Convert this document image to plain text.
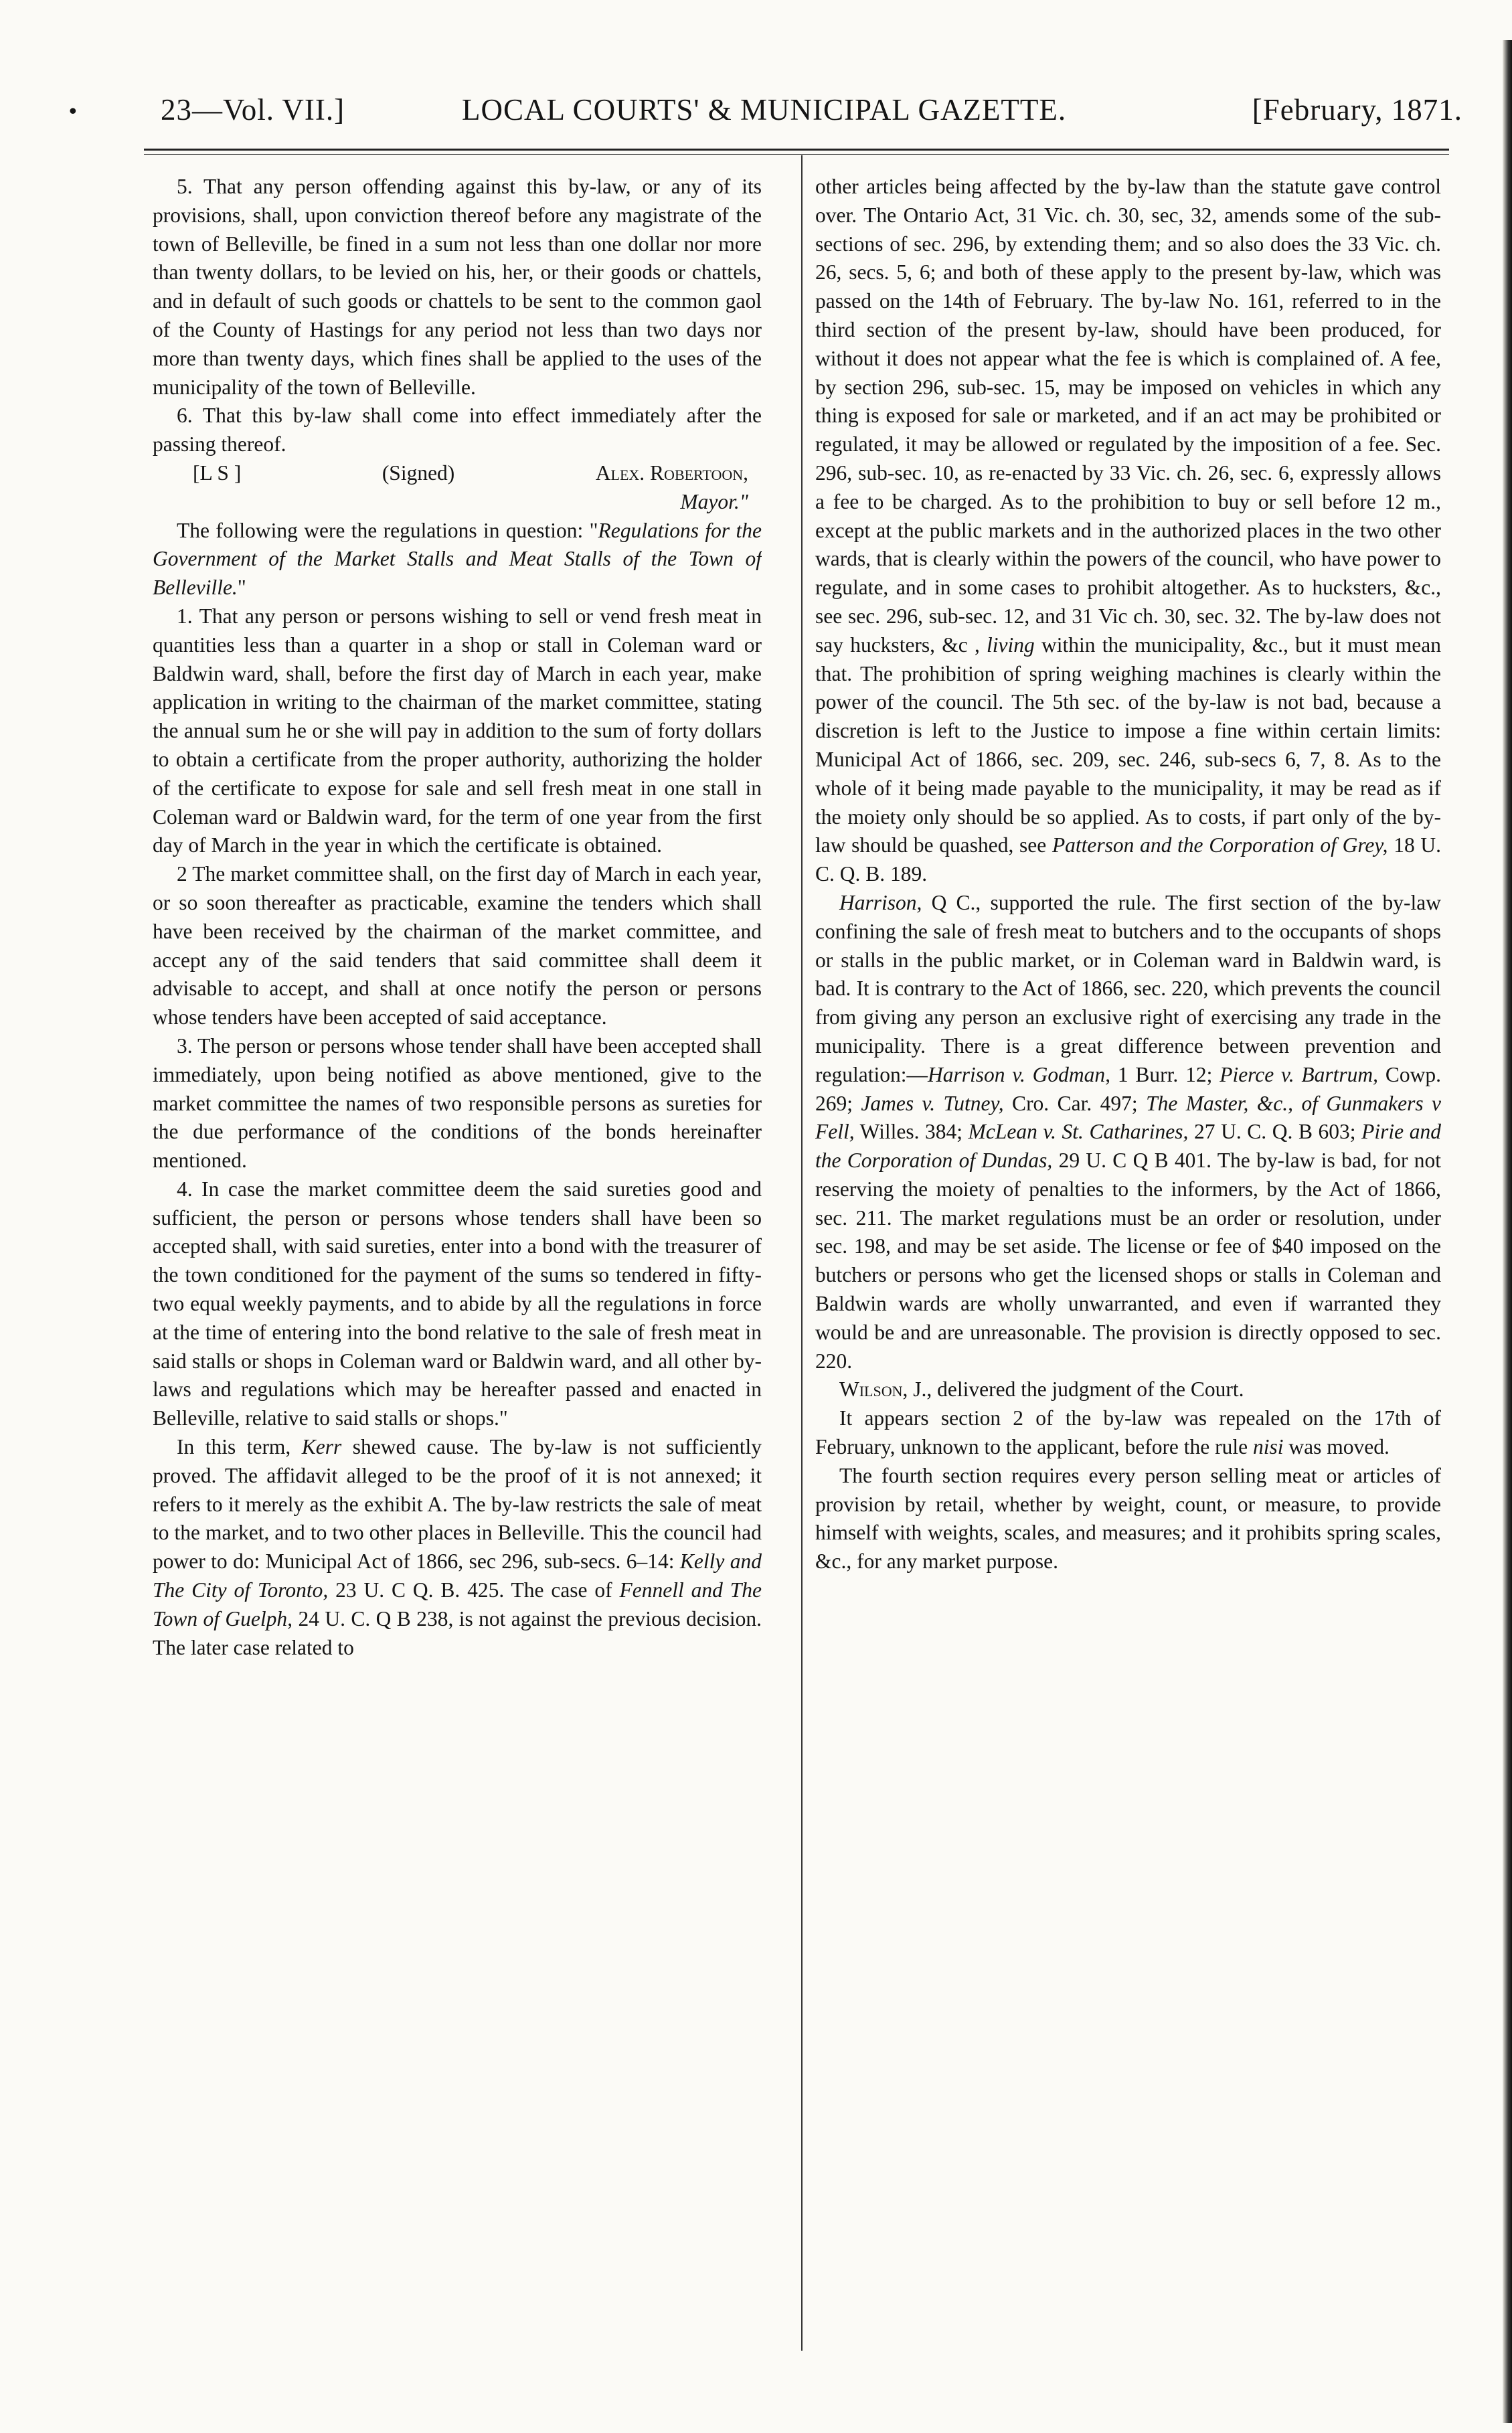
•	23—Vol. VII.]	LOCAL COURTS' & MUNICIPAL GAZETTE.	[February, 1871.

5. That any person offending against this by-law, or any of its provisions, shall, upon conviction thereof before any magistrate of the town of Belleville, be fined in a sum not less than one dollar nor more than twenty dollars, to be levied on his, her, or their goods or chattels, and in default of such goods or chattels to be sent to the common gaol of the County of Hastings for any period not less than two days nor more than twenty days, which fines shall be applied to the uses of the municipality of the town of Belleville.

6. That this by-law shall come into effect immediately after the passing thereof.

[L S ]	(Signed)	Alex. Robertoon,

Mayor."

The following were the regulations in question: "Regulations for the Government of the Market Stalls and Meat Stalls of the Town of Belleville."

1. That any person or persons wishing to sell or vend fresh meat in quantities less than a quarter in a shop or stall in Coleman ward or Baldwin ward, shall, before the first day of March in each year, make application in writing to the chairman of the market committee, stating the annual sum he or she will pay in addition to the sum of forty dollars to obtain a certificate from the proper authority, authorizing the holder of the certificate to expose for sale and sell fresh meat in one stall in Coleman ward or Baldwin ward, for the term of one year from the first day of March in the year in which the certificate is obtained.

2 The market committee shall, on the first day of March in each year, or so soon thereafter as practicable, examine the tenders which shall have been received by the chairman of the market committee, and accept any of the said tenders that said committee shall deem it advisable to accept, and shall at once notify the person or persons whose tenders have been accepted of said acceptance.

3. The person or persons whose tender shall have been accepted shall immediately, upon being notified as above mentioned, give to the market committee the names of two responsible persons as sureties for the due performance of the conditions of the bonds hereinafter mentioned.

4. In case the market committee deem the said sureties good and sufficient, the person or persons whose tenders shall have been so accepted shall, with said sureties, enter into a bond with the treasurer of the town conditioned for the payment of the sums so tendered in fifty-two equal weekly payments, and to abide by all the regulations in force at the time of entering into the bond relative to the sale of fresh meat in said stalls or shops in Coleman ward or Baldwin ward, and all other by-laws and regulations which may be hereafter passed and enacted in Belleville, relative to said stalls or shops."

In this term, Kerr shewed cause. The by-law is not sufficiently proved. The affidavit alleged to be the proof of it is not annexed; it refers to it merely as the exhibit A. The by-law restricts the sale of meat to the market, and to two other places in Belleville. This the council had power to do: Municipal Act of 1866, sec 296, sub-secs. 6–14: Kelly and The City of Toronto, 23 U. C Q. B. 425. The case of Fennell and The Town of Guelph, 24 U. C. Q B 238, is not against the previous decision. The later case related to

other articles being affected by the by-law than the statute gave control over. The Ontario Act, 31 Vic. ch. 30, sec, 32, amends some of the sub-sections of sec. 296, by extending them; and so also does the 33 Vic. ch. 26, secs. 5, 6; and both of these apply to the present by-law, which was passed on the 14th of February. The by-law No. 161, referred to in the third section of the present by-law, should have been produced, for without it does not appear what the fee is which is complained of. A fee, by section 296, sub-sec. 15, may be imposed on vehicles in which any thing is exposed for sale or marketed, and if an act may be prohibited or regulated, it may be allowed or regulated by the imposition of a fee. Sec. 296, sub-sec. 10, as re-enacted by 33 Vic. ch. 26, sec. 6, expressly allows a fee to be charged. As to the prohibition to buy or sell before 12 m., except at the public markets and in the authorized places in the two other wards, that is clearly within the powers of the council, who have power to regulate, and in some cases to prohibit altogether. As to hucksters, &c., see sec. 296, sub-sec. 12, and 31 Vic ch. 30, sec. 32. The by-law does not say hucksters, &c , living within the municipality, &c., but it must mean that. The prohibition of spring weighing machines is clearly within the power of the council. The 5th sec. of the by-law is not bad, because a discretion is left to the Justice to impose a fine within certain limits: Municipal Act of 1866, sec. 209, sec. 246, sub-secs 6, 7, 8. As to the whole of it being made payable to the municipality, it may be read as if the moiety only should be so applied. As to costs, if part only of the by-law should be quashed, see Patterson and the Corporation of Grey, 18 U. C. Q. B. 189.

Harrison, Q C., supported the rule. The first section of the by-law confining the sale of fresh meat to butchers and to the occupants of shops or stalls in the public market, or in Coleman ward in Baldwin ward, is bad. It is contrary to the Act of 1866, sec. 220, which prevents the council from giving any person an exclusive right of exercising any trade in the municipality. There is a great difference between prevention and regulation:—Harrison v. Godman, 1 Burr. 12; Pierce v. Bartrum, Cowp. 269; James v. Tutney, Cro. Car. 497; The Master, &c., of Gunmakers v Fell, Willes. 384; McLean v. St. Catharines, 27 U. C. Q. B 603; Pirie and the Corporation of Dundas, 29 U. C Q B 401. The by-law is bad, for not reserving the moiety of penalties to the informers, by the Act of 1866, sec. 211. The market regulations must be an order or resolution, under sec. 198, and may be set aside. The license or fee of $40 imposed on the butchers or persons who get the licensed shops or stalls in Coleman and Baldwin wards are wholly unwarranted, and even if warranted they would be and are unreasonable. The provision is directly opposed to sec. 220.

Wilson, J., delivered the judgment of the Court.

It appears section 2 of the by-law was repealed on the 17th of February, unknown to the applicant, before the rule nisi was moved.

The fourth section requires every person selling meat or articles of provision by retail, whether by weight, count, or measure, to provide himself with weights, scales, and measures; and it prohibits spring scales, &c., for any market purpose.
